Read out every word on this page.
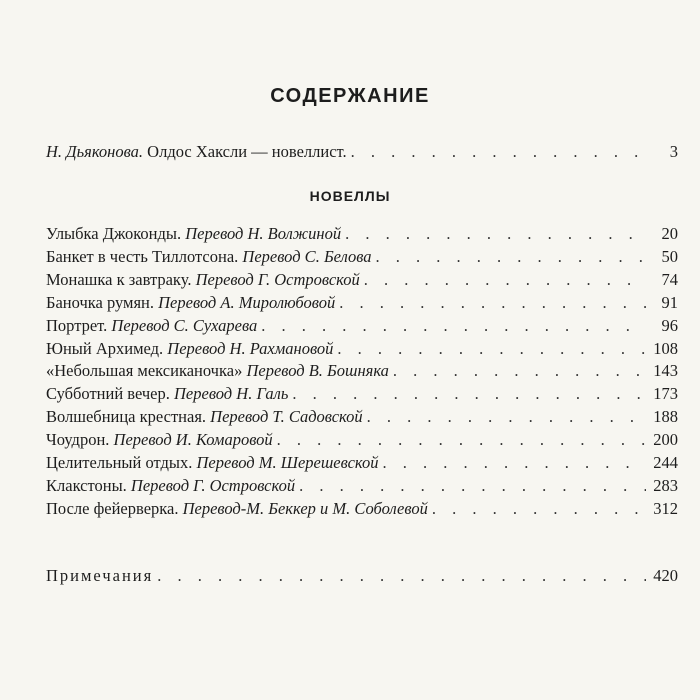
СОДЕРЖАНИЕ
Н. Дьяконова. Олдос Хаксли — новеллист. . . .	3
НОВЕЛЛЫ
Улыбка Джоконды. Перевод Н. Волжиной . . .	20
Банкет в честь Тиллотсона. Перевод С. Белова . . .	50
Монашка к завтраку. Перевод Г. Островской . . .	74
Баночка румян. Перевод А. Миролюбовой . . .	91
Портрет. Перевод С. Сухарева . . .	96
Юный Архимед. Перевод Н. Рахмановой . . .	108
«Небольшая мексиканочка» Перевод В. Бошняка . . .	143
Субботний вечер. Перевод Н. Галь . . .	173
Волшебница крестная. Перевод Т. Садовской . . .	188
Чоудрон. Перевод И. Комаровой . . .	200
Целительный отдых. Перевод М. Шерешевской . . .	244
Клакстоны. Перевод Г. Островской . . .	283
После фейерверка. Перевод-М. Беккер и М. Соболевой . . .	312
Примечания . . .	420
